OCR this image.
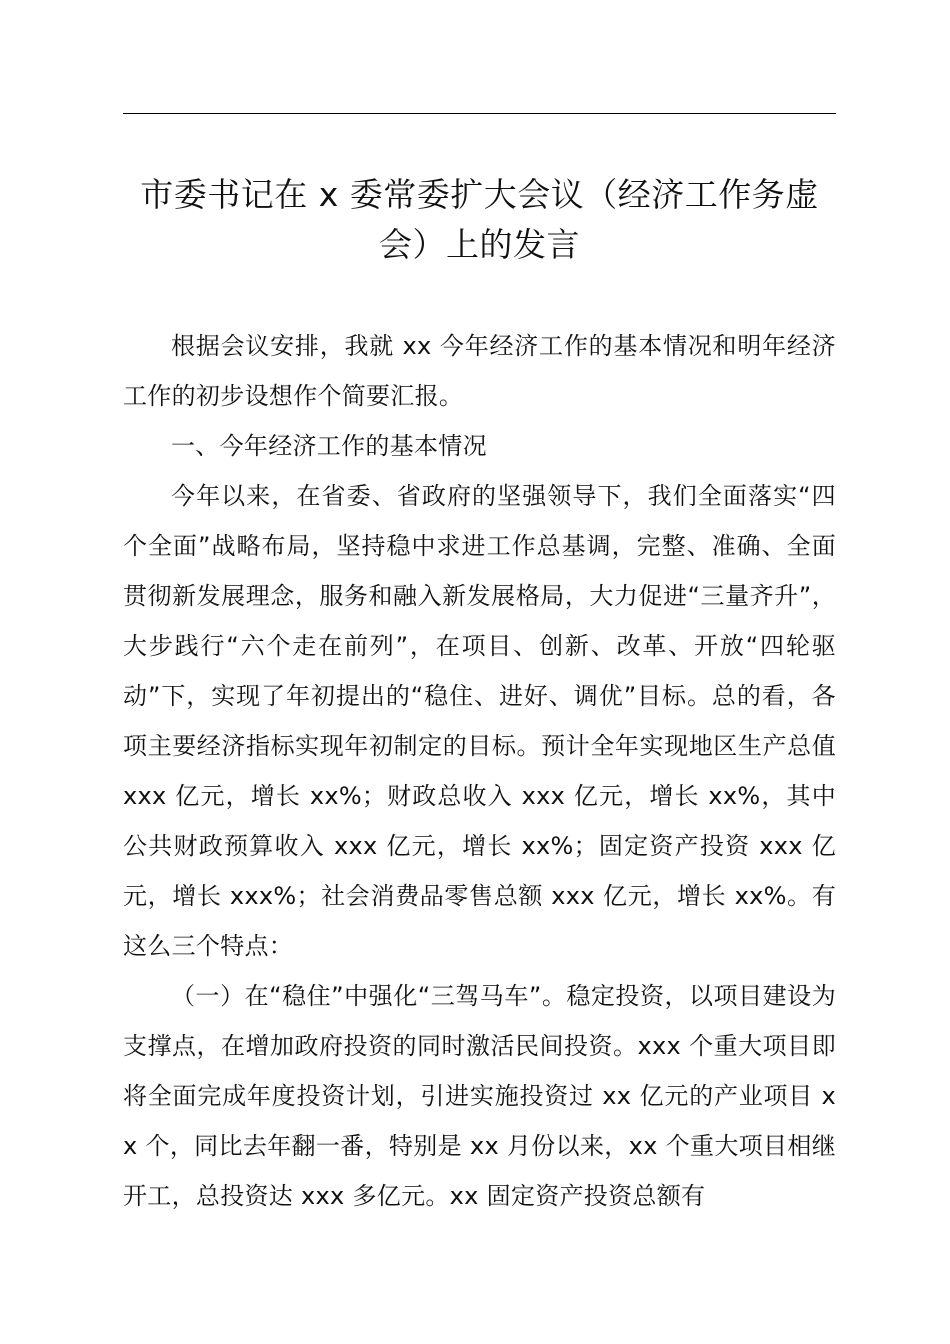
市委书记在 x 委常委扩大会议（经济工作务虚会）上的发言

根据会议安排，我就 xx 今年经济工作的基本情况和明年经济工作的初步设想作个简要汇报。

一、今年经济工作的基本情况

今年以来，在省委、省政府的坚强领导下，我们全面落实“四个全面”战略布局，坚持稳中求进工作总基调，完整、准确、全面贯彻新发展理念，服务和融入新发展格局，大力促进“三量齐升”，大步践行“六个走在前列”，在项目、创新、改革、开放“四轮驱动”下，实现了年初提出的“稳住、进好、调优”目标。总的看，各项主要经济指标实现年初制定的目标。预计全年实现地区生产总值 xxx 亿元，增长 xx%；财政总收入 xxx 亿元，增长 xx%，其中公共财政预算收入 xxx 亿元，增长 xx%；固定资产投资 xxx 亿元，增长 xxx%；社会消费品零售总额 xxx 亿元，增长 xx%。有这么三个特点：

（一）在“稳住”中强化“三驾马车”。稳定投资，以项目建设为支撑点，在增加政府投资的同时激活民间投资。xxx 个重大项目即将全面完成年度投资计划，引进实施投资过 xx 亿元的产业项目 xx 个，同比去年翻一番，特别是 xx 月份以来，xx 个重大项目相继开工，总投资达 xxx 多亿元。xx 固定资产投资总额有
